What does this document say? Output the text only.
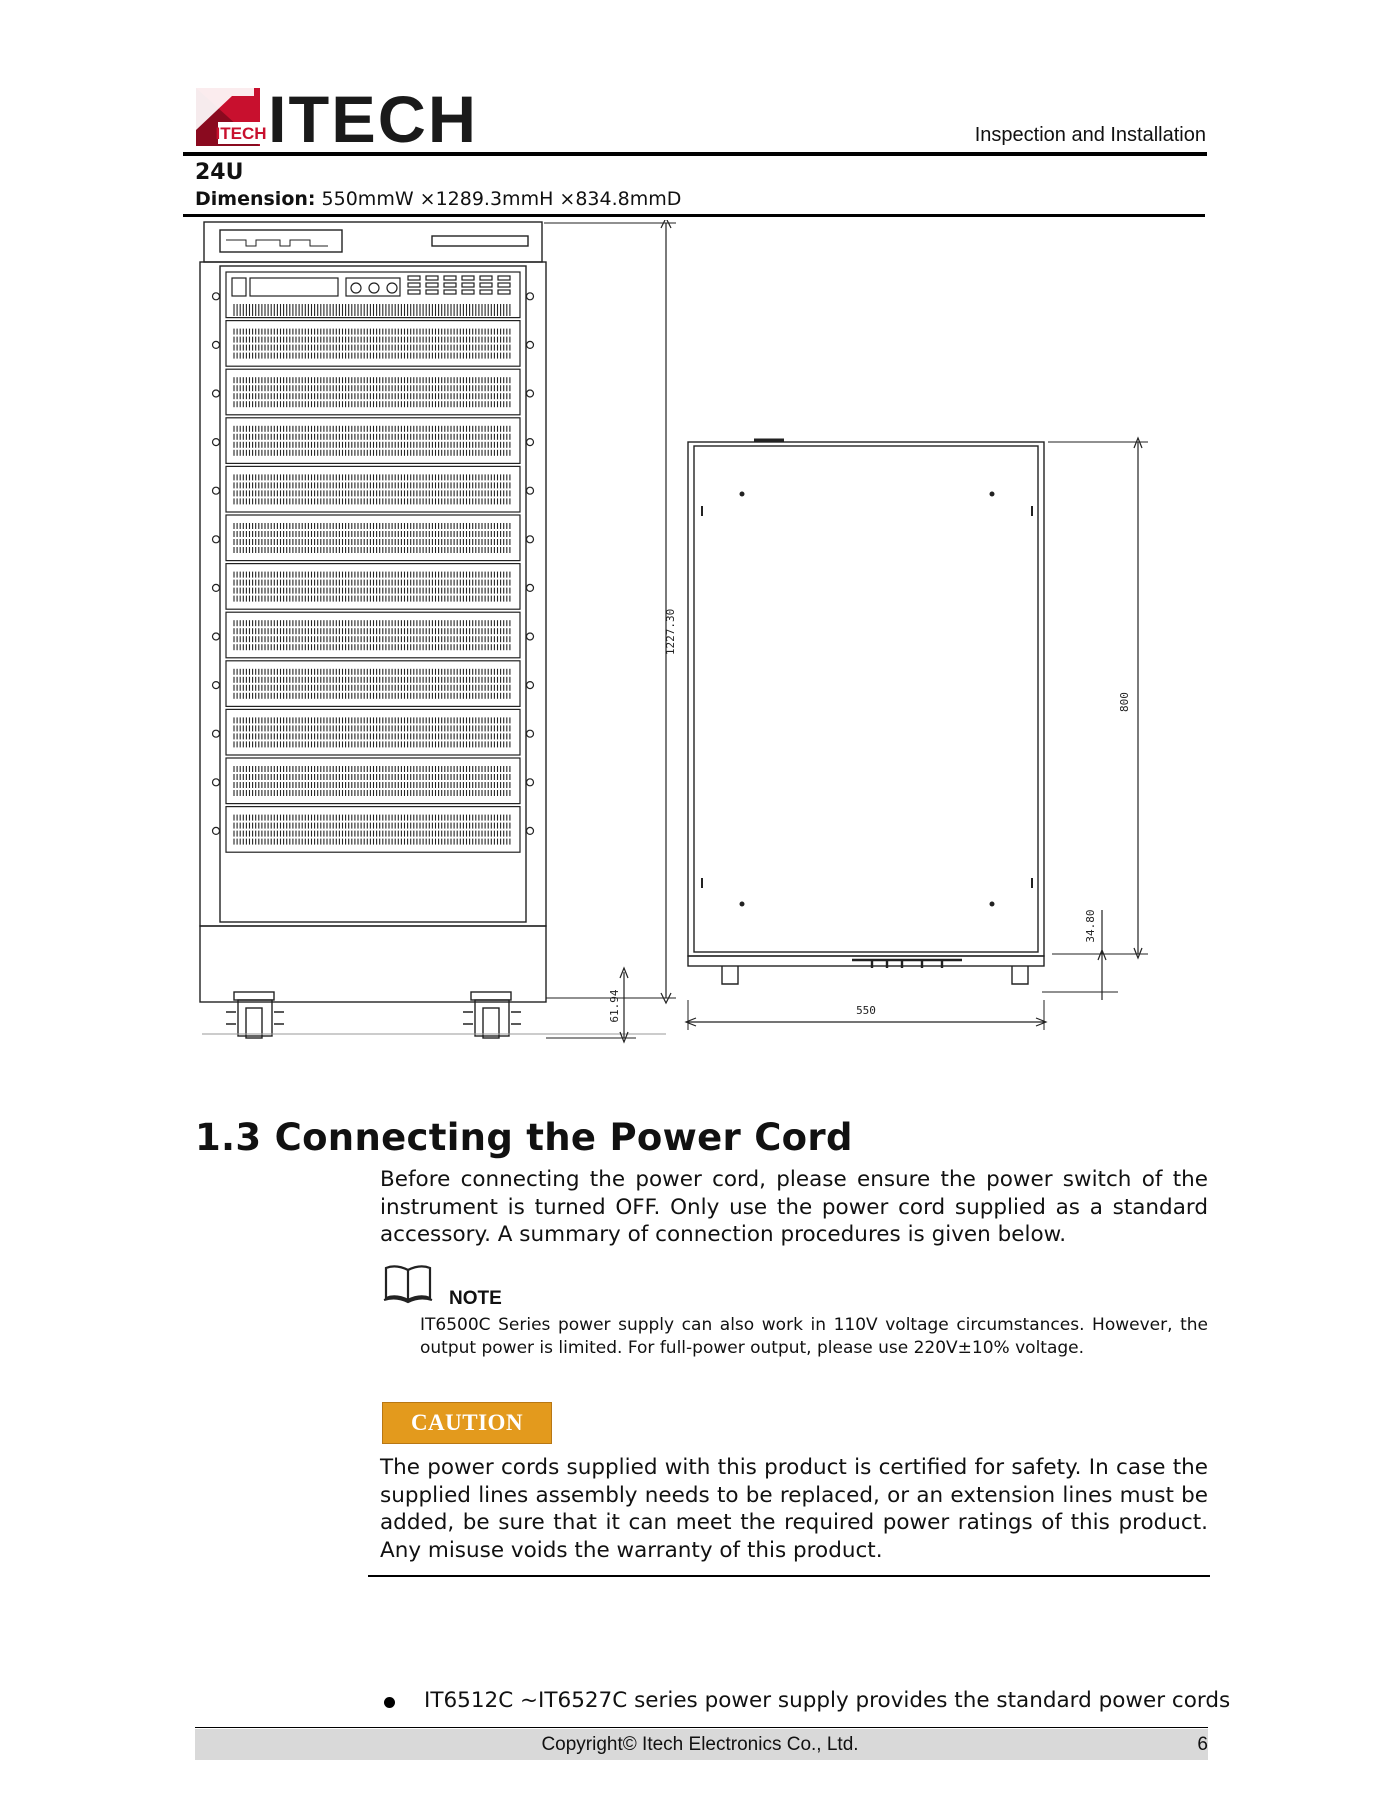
ITECH ITECH	Inspection and Installation
24U
Dimension: 550mmW ×1289.3mmH ×834.8mmD
1227.30
61.94
800
34.80
550
1.3 Connecting the Power Cord
Before connecting the power cord, please ensure the power switch of the instrument is turned OFF. Only use the power cord supplied as a standard accessory. A summary of connection procedures is given below.
NOTE
IT6500C Series power supply can also work in 110V voltage circumstances. However, the output power is limited. For full-power output, please use 220V±10% voltage.
CAUTION
The power cords supplied with this product is certified for safety. In case the supplied lines assembly needs to be replaced, or an extension lines must be added, be sure that it can meet the required power ratings of this product. Any misuse voids the warranty of this product.
IT6512C ~IT6527C series power supply provides the standard power cords
Copyright© Itech Electronics Co., Ltd.	6
